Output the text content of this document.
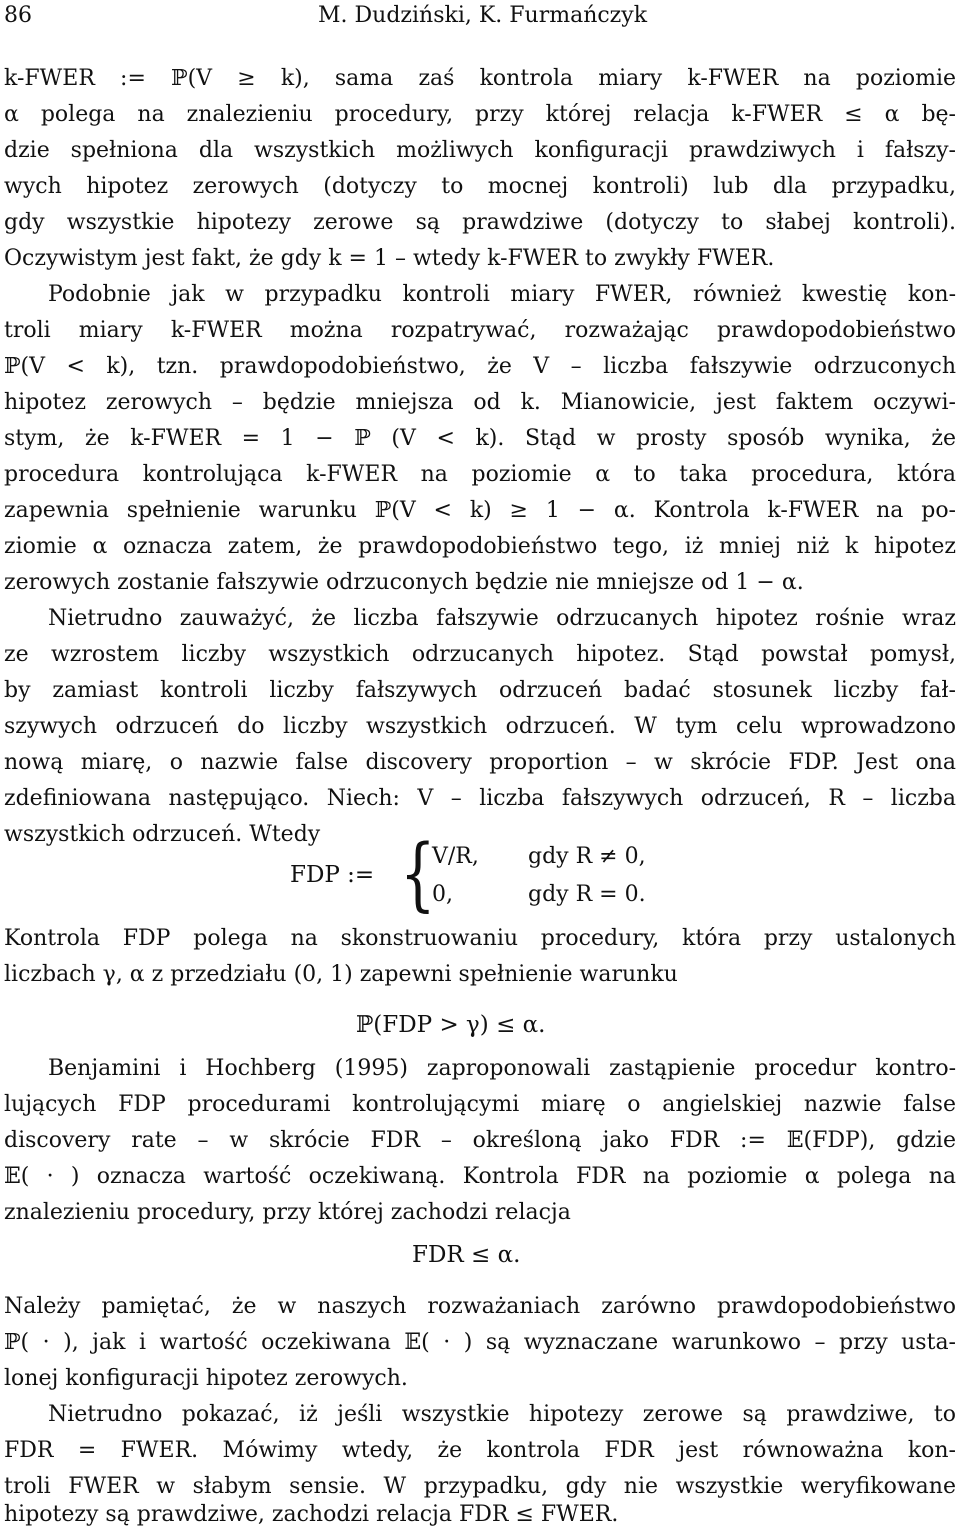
86	M. Dudziński, K. Furmańczyk
k-FWER := ℙ(V ≥ k), sama zaś kontrola miary k-FWER na poziomie
α polega na znalezieniu procedury, przy której relacja k-FWER ≤ α bę-
dzie spełniona dla wszystkich możliwych konfiguracji prawdziwych i fałszy-
wych hipotez zerowych (dotyczy to mocnej kontroli) lub dla przypadku,
gdy wszystkie hipotezy zerowe są prawdziwe (dotyczy to słabej kontroli).
Oczywistym jest fakt, że gdy k = 1 – wtedy k-FWER to zwykły FWER.
Podobnie jak w przypadku kontroli miary FWER, również kwestię kon-
troli miary k-FWER można rozpatrywać, rozważając prawdopodobieństwo
ℙ(V < k), tzn. prawdopodobieństwo, że V – liczba fałszywie odrzuconych
hipotez zerowych – będzie mniejsza od k. Mianowicie, jest faktem oczywi-
stym, że k-FWER = 1 − ℙ (V < k). Stąd w prosty sposób wynika, że
procedura kontrolująca k-FWER na poziomie α to taka procedura, która
zapewnia spełnienie warunku ℙ(V < k) ≥ 1 − α. Kontrola k-FWER na po-
ziomie α oznacza zatem, że prawdopodobieństwo tego, iż mniej niż k hipotez
zerowych zostanie fałszywie odrzuconych będzie nie mniejsze od 1 − α.
Nietrudno zauważyć, że liczba fałszywie odrzucanych hipotez rośnie wraz
ze wzrostem liczby wszystkich odrzucanych hipotez. Stąd powstał pomysł,
by zamiast kontroli liczby fałszywych odrzuceń badać stosunek liczby fał-
szywych odrzuceń do liczby wszystkich odrzuceń. W tym celu wprowadzono
nową miarę, o nazwie false discovery proportion – w skrócie FDP. Jest ona
zdefiniowana następująco. Niech: V – liczba fałszywych odrzuceń, R – liczba
wszystkich odrzuceń. Wtedy
FDP := {
V/R, gdy R ≠ 0,
0,	gdy R = 0.
Kontrola FDP polega na skonstruowaniu procedury, która przy ustalonych
liczbach γ, α z przedziału (0, 1) zapewni spełnienie warunku
ℙ(FDP > γ) ≤ α.
Benjamini i Hochberg (1995) zaproponowali zastąpienie procedur kontro-
lujących FDP procedurami kontrolującymi miarę o angielskiej nazwie false
discovery rate – w skrócie FDR – określoną jako FDR := 𝔼(FDP), gdzie
𝔼( · ) oznacza wartość oczekiwaną. Kontrola FDR na poziomie α polega na
znalezieniu procedury, przy której zachodzi relacja
FDR ≤ α.
Należy pamiętać, że w naszych rozważaniach zarówno prawdopodobieństwo
ℙ( · ), jak i wartość oczekiwana 𝔼( · ) są wyznaczane warunkowo – przy usta-
lonej konfiguracji hipotez zerowych.
Nietrudno pokazać, iż jeśli wszystkie hipotezy zerowe są prawdziwe, to
FDR = FWER. Mówimy wtedy, że kontrola FDR jest równoważna kon-
troli FWER w słabym sensie. W przypadku, gdy nie wszystkie weryfikowane
hipotezy są prawdziwe, zachodzi relacja FDR ≤ FWER.
